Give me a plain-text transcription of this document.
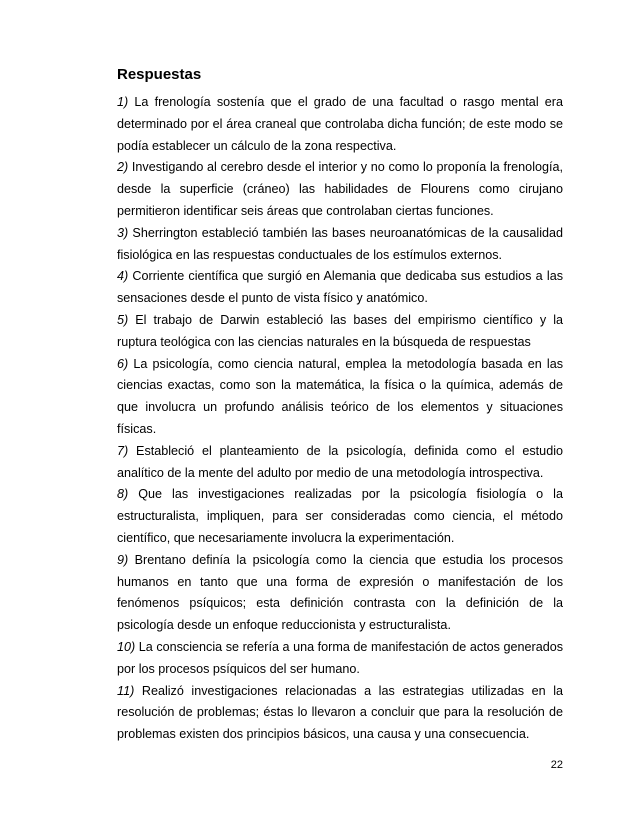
Respuestas

1) La frenología sostenía que el grado de una facultad o rasgo mental era determinado por el área craneal que controlaba dicha función; de este modo se podía establecer un cálculo de la zona respectiva.

2) Investigando al cerebro desde el interior y no como lo proponía la frenología, desde la superficie (cráneo) las habilidades de Flourens como cirujano permitieron identificar seis áreas que controlaban ciertas funciones.

3) Sherrington estableció también las bases neuroanatómicas de la causalidad fisiológica en las respuestas conductuales de los estímulos externos.

4) Corriente científica que surgió en Alemania que dedicaba sus estudios a las sensaciones desde el punto de vista físico y anatómico.

5) El trabajo de Darwin estableció las bases del empirismo científico y la ruptura teológica con las ciencias naturales en la búsqueda de respuestas

6) La psicología, como ciencia natural, emplea la metodología basada en las ciencias exactas, como son la matemática, la física o la química, además de que involucra un profundo análisis teórico de los elementos y situaciones físicas.

7) Estableció el planteamiento de la psicología, definida como el estudio analítico de la mente del adulto por medio de una metodología introspectiva.

8) Que las investigaciones realizadas por la psicología fisiología o la estructuralista, impliquen, para ser consideradas como ciencia, el método científico, que necesariamente involucra la experimentación.

9) Brentano definía la psicología como la ciencia que estudia los procesos humanos en tanto que una forma de expresión o manifestación de los fenómenos psíquicos; esta definición contrasta con la definición de la psicología desde un enfoque reduccionista y estructuralista.

10) La consciencia se refería a una forma de manifestación de actos generados por los procesos psíquicos del ser humano.

11) Realizó investigaciones relacionadas a las estrategias utilizadas en la resolución de problemas; éstas lo llevaron a concluir que para la resolución de problemas existen dos principios básicos, una causa y una consecuencia.

22
